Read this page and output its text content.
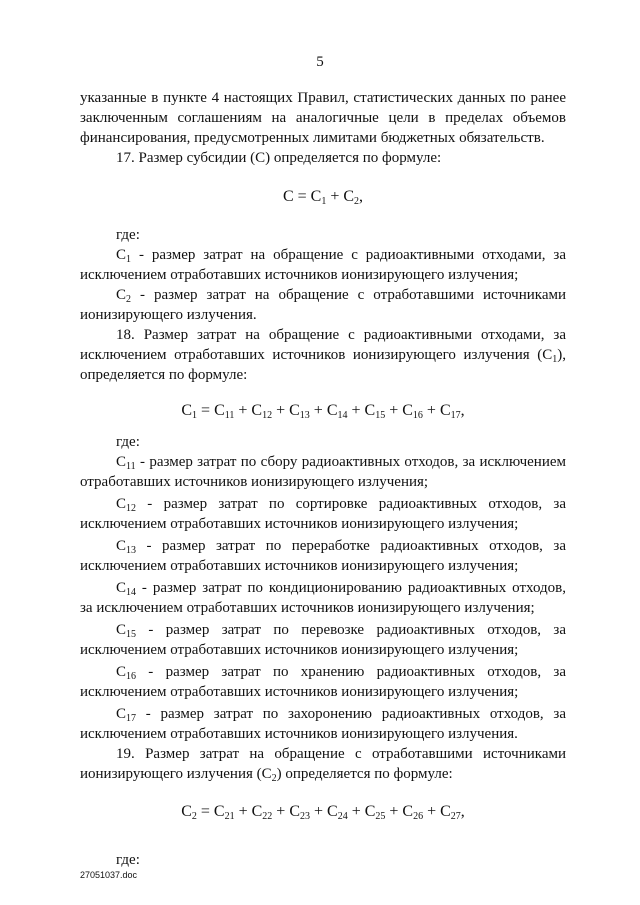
5

указанные в пункте 4 настоящих Правил, статистических данных по ранее заключенным соглашениям на аналогичные цели в пределах объемов финансирования, предусмотренных лимитами бюджетных обязательств.

17. Размер субсидии (С) определяется по формуле:

$С = С_1 + С_2$,

где:

$С_1$ - размер затрат на обращение с радиоактивными отходами, за исключением отработавших источников ионизирующего излучения;

$С_2$ - размер затрат на обращение с отработавшими источниками ионизирующего излучения.

18. Размер затрат на обращение с радиоактивными отходами, за исключением отработавших источников ионизирующего излучения $(С_1)$, определяется по формуле:

$С_1 = С_{11} + С_{12} + С_{13} + С_{14} + С_{15} + С_{16} + С_{17}$,

где:

$С_{11}$ - размер затрат по сбору радиоактивных отходов, за исключением отработавших источников ионизирующего излучения;

$С_{12}$ - размер затрат по сортировке радиоактивных отходов, за исключением отработавших источников ионизирующего излучения;

$С_{13}$ - размер затрат по переработке радиоактивных отходов, за исключением отработавших источников ионизирующего излучения;

$С_{14}$ - размер затрат по кондиционированию радиоактивных отходов, за исключением отработавших источников ионизирующего излучения;

$С_{15}$ - размер затрат по перевозке радиоактивных отходов, за исключением отработавших источников ионизирующего излучения;

$С_{16}$ - размер затрат по хранению радиоактивных отходов, за исключением отработавших источников ионизирующего излучения;

$С_{17}$ - размер затрат по захоронению радиоактивных отходов, за исключением отработавших источников ионизирующего излучения.

19. Размер затрат на обращение с отработавшими источниками ионизирующего излучения $(С_2)$ определяется по формуле:

$С_2 = С_{21} + С_{22} + С_{23} + С_{24} + С_{25} + С_{26} + С_{27}$,

где:

27051037.doc
